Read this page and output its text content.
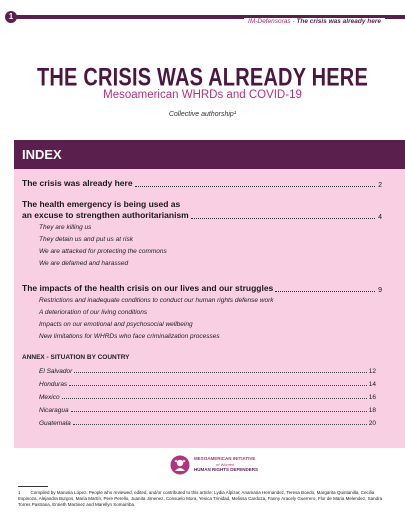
1
IM-Defensoras - The crisis was already here
THE CRISIS WAS ALREADY HERE
Mesoamerican WHRDs and COVID-19
Collective authorship¹
INDEX
The crisis was already here	2
The health emergency is being used as
an excuse to strengthen authoritarianism	4
They are killing us
They detain us and put us at risk
We are attacked for protecting the commons
We are defamed and harassed
The impacts of the health crisis on our lives and our struggles	9
Restrictions and inadequate conditions to conduct our human rights defense work
A deterioration of our living conditions
Impacts on our emotional and psychosocial wellbeing
New limitations for WHRDs who face criminalization processes
ANNEX - SITUATION BY COUNTRY
El Salvador	12
Honduras	14
Mexico	16
Nicaragua	18
Guatemala	20
MESOAMERICAN INITIATIVE
of Women
HUMAN RIGHTS DEFENDERS
1 Compiled by Marusia López. People who reviewed, edited, and/or contributed to this article: Lydia Alpizar, Anamaria Hernandez, Teresa Boedo, Margarita Quintanilla, Cecilia Espinoza, Alejandra Burgos, Maria Martín, Pere Perello, Juanita Jimenez, Consuelo Mora, Yesica Trinidad, Melissa Cardoza, Fanny Aracely Guerrero, Flor de Maria Melendez, Sandra Torres Pastrana, Enrieth Martinez and Marellyn Somarriba.
